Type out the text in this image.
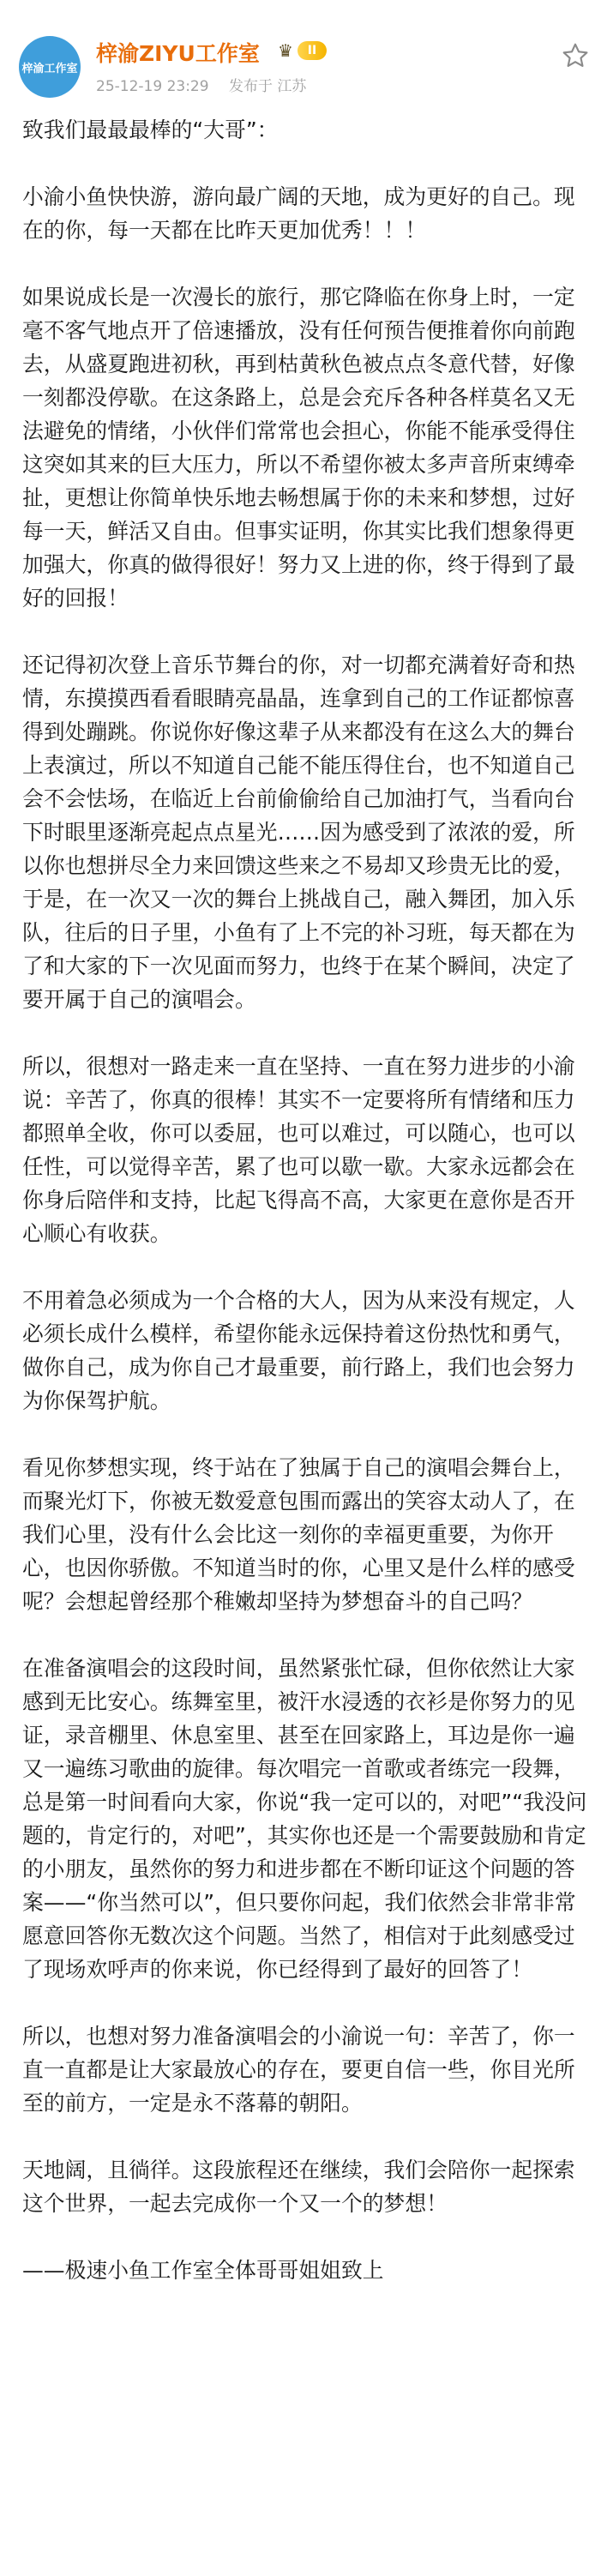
梓渝工作室
梓渝ZIYU工作室 ♛	II
25-12-19 23:29 发布于 江苏

致我们最最最棒的“大哥”：

小渝小鱼快快游，游向最广阔的天地，成为更好的自己。现在的你，每一天都在比昨天更加优秀！！！

如果说成长是一次漫长的旅行，那它降临在你身上时，一定毫不客气地点开了倍速播放，没有任何预告便推着你向前跑去，从盛夏跑进初秋，再到枯黄秋色被点点冬意代替，好像一刻都没停歇。在这条路上，总是会充斥各种各样莫名又无法避免的情绪，小伙伴们常常也会担心，你能不能承受得住这突如其来的巨大压力，所以不希望你被太多声音所束缚牵扯，更想让你简单快乐地去畅想属于你的未来和梦想，过好每一天，鲜活又自由。但事实证明，你其实比我们想象得更加强大，你真的做得很好！努力又上进的你，终于得到了最好的回报！

还记得初次登上音乐节舞台的你，对一切都充满着好奇和热情，东摸摸西看看眼睛亮晶晶，连拿到自己的工作证都惊喜得到处蹦跳。你说你好像这辈子从来都没有在这么大的舞台上表演过，所以不知道自己能不能压得住台，也不知道自己会不会怯场，在临近上台前偷偷给自己加油打气，当看向台下时眼里逐渐亮起点点星光……因为感受到了浓浓的爱，所以你也想拼尽全力来回馈这些来之不易却又珍贵无比的爱，于是，在一次又一次的舞台上挑战自己，融入舞团，加入乐队，往后的日子里，小鱼有了上不完的补习班，每天都在为了和大家的下一次见面而努力，也终于在某个瞬间，决定了要开属于自己的演唱会。

所以，很想对一路走来一直在坚持、一直在努力进步的小渝说：辛苦了，你真的很棒！其实不一定要将所有情绪和压力都照单全收，你可以委屈，也可以难过，可以随心，也可以任性，可以觉得辛苦，累了也可以歇一歇。大家永远都会在你身后陪伴和支持，比起飞得高不高，大家更在意你是否开心顺心有收获。

不用着急必须成为一个合格的大人，因为从来没有规定，人必须长成什么模样，希望你能永远保持着这份热忱和勇气，做你自己，成为你自己才最重要，前行路上，我们也会努力为你保驾护航。

看见你梦想实现，终于站在了独属于自己的演唱会舞台上，而聚光灯下，你被无数爱意包围而露出的笑容太动人了，在我们心里，没有什么会比这一刻你的幸福更重要，为你开心，也因你骄傲。不知道当时的你，心里又是什么样的感受呢？会想起曾经那个稚嫩却坚持为梦想奋斗的自己吗？

在准备演唱会的这段时间，虽然紧张忙碌，但你依然让大家感到无比安心。练舞室里，被汗水浸透的衣衫是你努力的见证，录音棚里、休息室里、甚至在回家路上，耳边是你一遍又一遍练习歌曲的旋律。每次唱完一首歌或者练完一段舞，总是第一时间看向大家，你说“我一定可以的，对吧”“我没问题的，肯定行的，对吧”，其实你也还是一个需要鼓励和肯定的小朋友，虽然你的努力和进步都在不断印证这个问题的答案——“你当然可以”，但只要你问起，我们依然会非常非常愿意回答你无数次这个问题。当然了，相信对于此刻感受过了现场欢呼声的你来说，你已经得到了最好的回答了！

所以，也想对努力准备演唱会的小渝说一句：辛苦了，你一直一直都是让大家最放心的存在，要更自信一些，你目光所至的前方，一定是永不落幕的朝阳。

天地阔，且徜徉。这段旅程还在继续，我们会陪你一起探索这个世界，一起去完成你一个又一个的梦想！

——极速小鱼工作室全体哥哥姐姐致上
